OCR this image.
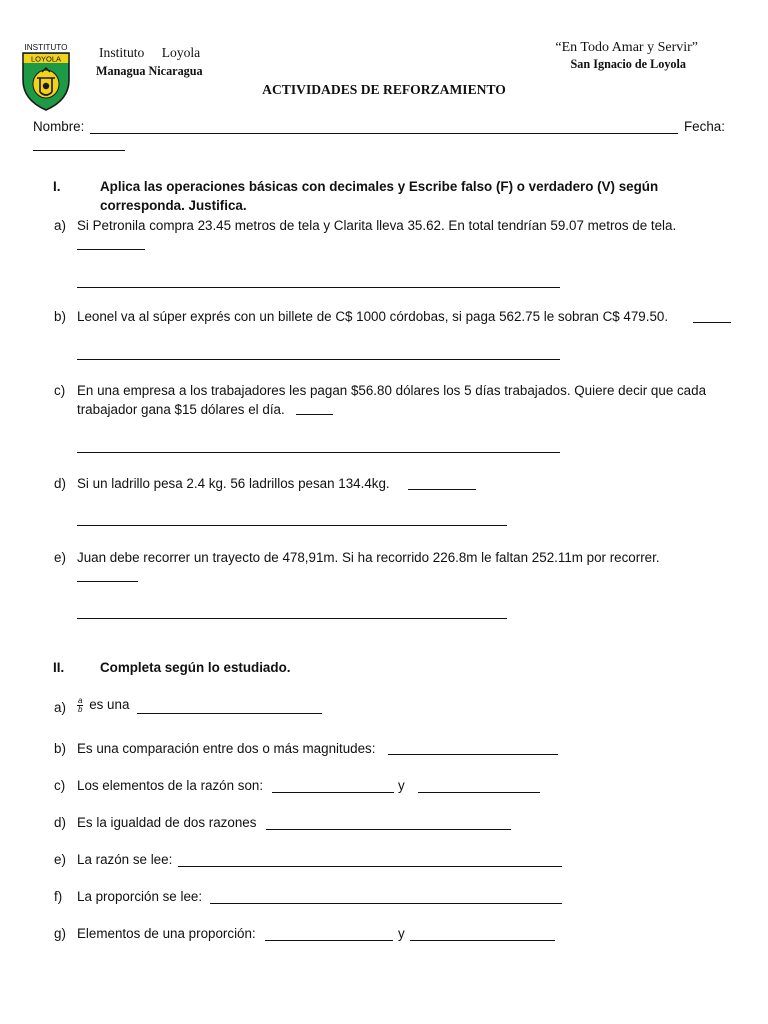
INSTITUTO
LOYOLA	Instituto Loyola
Managua Nicaragua
“En Todo Amar y Servir”
San Ignacio de Loyola
ACTIVIDADES DE REFORZAMIENTO
Nombre:	Fecha:
I.	Aplica las operaciones básicas con decimales y Escribe falso (F) o verdadero (V) según corresponda. Justifica.
a) Si Petronila compra 23.45 metros de tela y Clarita lleva 35.62. En total tendrían 59.07 metros de tela.
b) Leonel va al súper exprés con un billete de C$ 1000 córdobas, si paga 562.75 le sobran C$ 479.50.
c) En una empresa a los trabajadores les pagan $56.80 dólares los 5 días trabajados. Quiere decir que cada trabajador gana $15 dólares el día.
d) Si un ladrillo pesa 2.4 kg. 56 ladrillos pesan 134.4kg.
e) Juan debe recorrer un trayecto de 478,91m. Si ha recorrido 226.8m le faltan 252.11m por recorrer.
II.	Completa según lo estudiado.
a)	$\frac{a}{b}$ es una
b) Es una comparación entre dos o más magnitudes:
c) Los elementos de la razón son:	y
d) Es la igualdad de dos razones
e) La razón se lee:
f)	La proporción se lee:
g) Elementos de una proporción:	y
